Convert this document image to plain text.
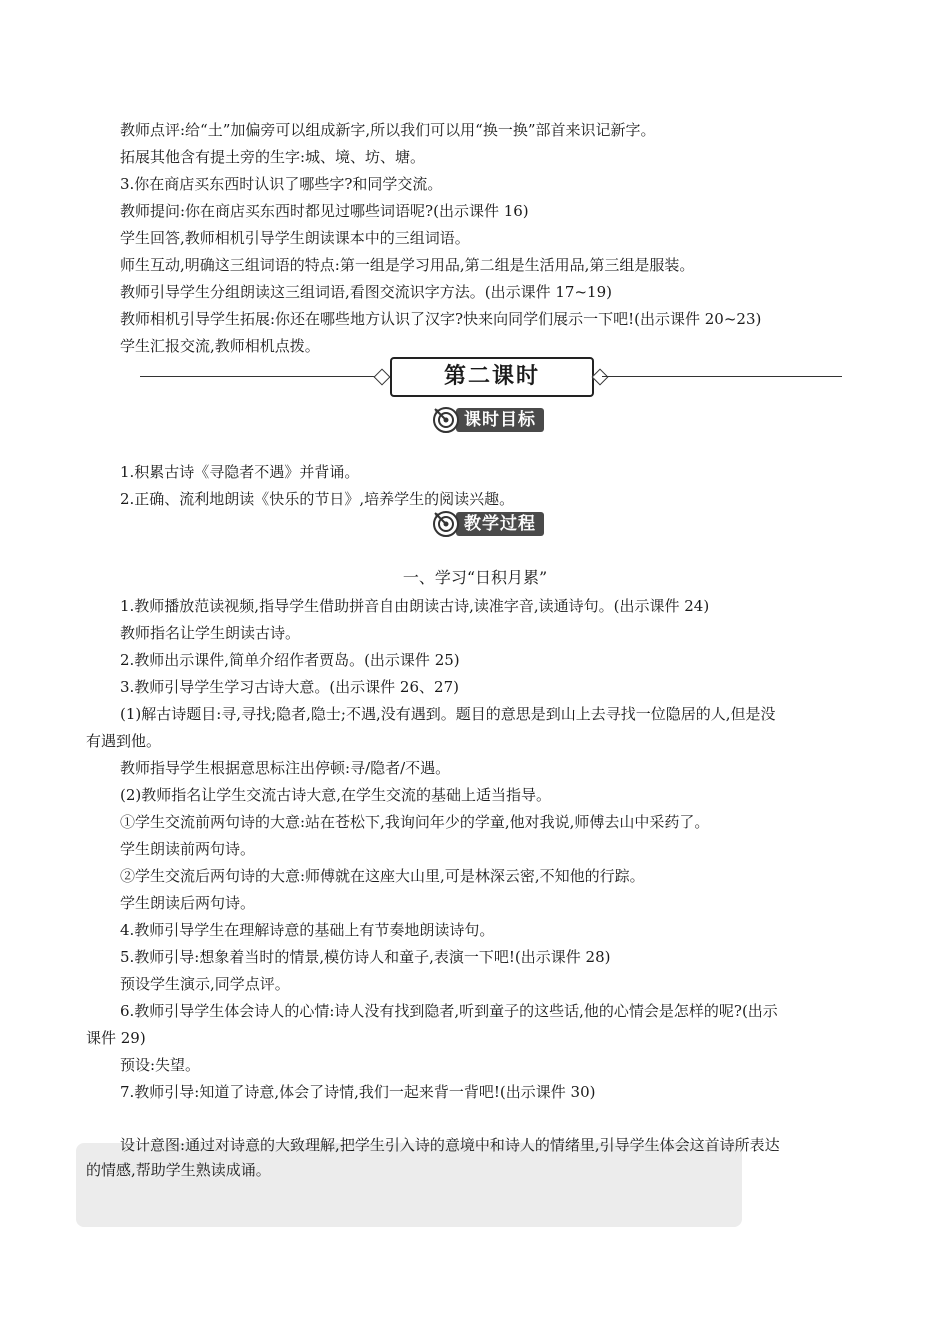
教师点评:给“土”加偏旁可以组成新字,所以我们可以用“换一换”部首来识记新字。
拓展其他含有提土旁的生字:城、境、坊、塘。
3.你在商店买东西时认识了哪些字?和同学交流。
教师提问:你在商店买东西时都见过哪些词语呢?(出示课件 16)
学生回答,教师相机引导学生朗读课本中的三组词语。
师生互动,明确这三组词语的特点:第一组是学习用品,第二组是生活用品,第三组是服装。
教师引导学生分组朗读这三组词语,看图交流识字方法。(出示课件 17~19)
教师相机引导学生拓展:你还在哪些地方认识了汉字?快来向同学们展示一下吧!(出示课件 20~23)
学生汇报交流,教师相机点拨。
第二课时
课时目标
1.积累古诗《寻隐者不遇》并背诵。
2.正确、流利地朗读《快乐的节日》,培养学生的阅读兴趣。
教学过程
一、学习“日积月累”
1.教师播放范读视频,指导学生借助拼音自由朗读古诗,读准字音,读通诗句。(出示课件 24)
教师指名让学生朗读古诗。
2.教师出示课件,简单介绍作者贾岛。(出示课件 25)
3.教师引导学生学习古诗大意。(出示课件 26、27)
(1)解古诗题目:寻,寻找;隐者,隐士;不遇,没有遇到。题目的意思是到山上去寻找一位隐居的人,但是没
有遇到他。
教师指导学生根据意思标注出停顿:寻/隐者/不遇。
(2)教师指名让学生交流古诗大意,在学生交流的基础上适当指导。
①学生交流前两句诗的大意:站在苍松下,我询问年少的学童,他对我说,师傅去山中采药了。
学生朗读前两句诗。
②学生交流后两句诗的大意:师傅就在这座大山里,可是林深云密,不知他的行踪。
学生朗读后两句诗。
4.教师引导学生在理解诗意的基础上有节奏地朗读诗句。
5.教师引导:想象着当时的情景,模仿诗人和童子,表演一下吧!(出示课件 28)
预设学生演示,同学点评。
6.教师引导学生体会诗人的心情:诗人没有找到隐者,听到童子的这些话,他的心情会是怎样的呢?(出示
课件 29)
预设:失望。
7.教师引导:知道了诗意,体会了诗情,我们一起来背一背吧!(出示课件 30)
设计意图:通过对诗意的大致理解,把学生引入诗的意境中和诗人的情绪里,引导学生体会这首诗所表达
的情感,帮助学生熟读成诵。
